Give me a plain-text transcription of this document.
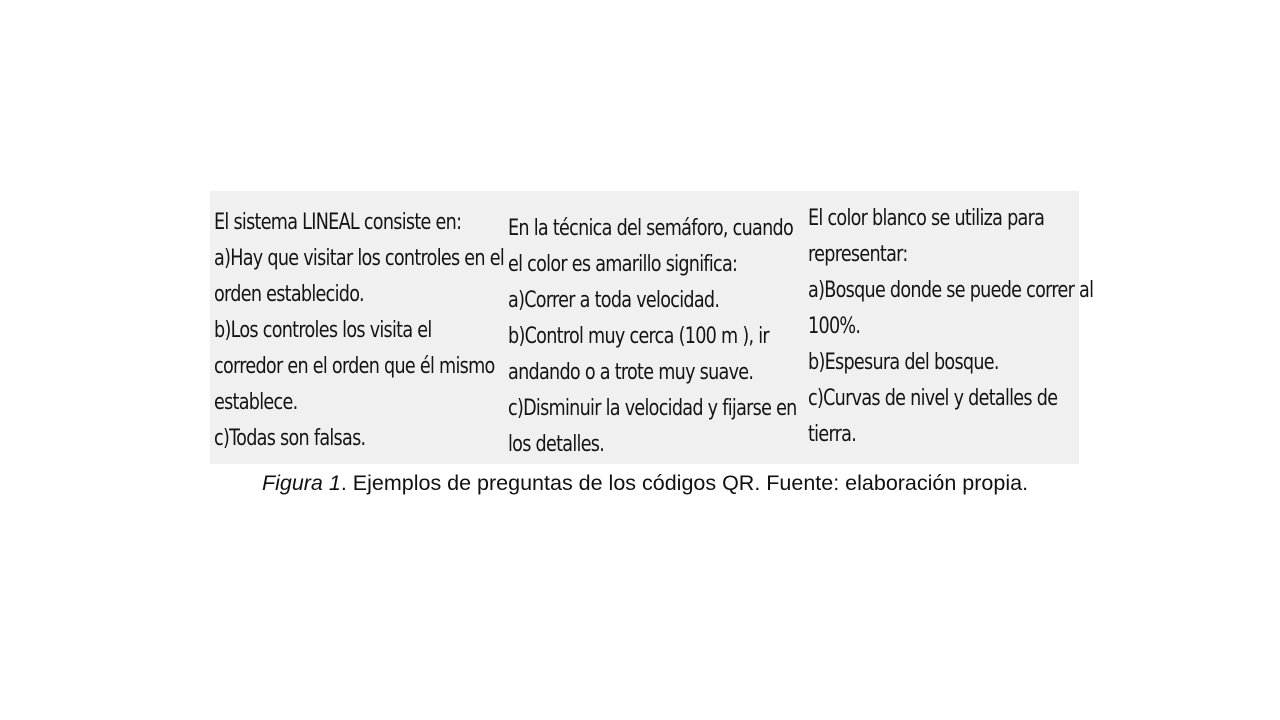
El sistema LINEAL consiste en:
a)Hay que visitar los controles en el
orden establecido.
b)Los controles los visita el
corredor en el orden que él mismo
establece.
c)Todas son falsas.
En la técnica del semáforo, cuando
el color es amarillo significa:
a)Correr a toda velocidad.
b)Control muy cerca (100 m ), ir
andando o a trote muy suave.
c)Disminuir la velocidad y fijarse en
los detalles.
El color blanco se utiliza para
representar:
a)Bosque donde se puede correr al
100%.
b)Espesura del bosque.
c)Curvas de nivel y detalles de
tierra.
Figura 1. Ejemplos de preguntas de los códigos QR. Fuente: elaboración propia.
